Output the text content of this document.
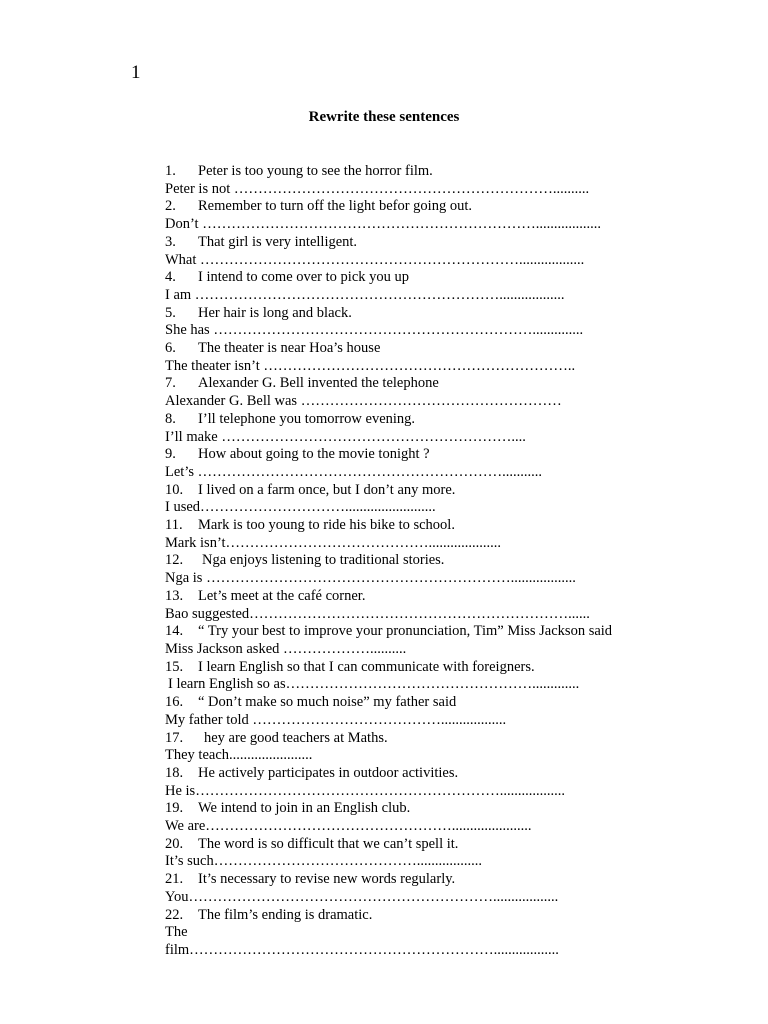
1
Rewrite these sentences
1.	Peter is too young to see the horror film.
Peter is not …………………………………………………………..........
2.	Remember to turn off the light befor going out.
Don’t ……………………………………………………………..................
3.	That girl is very intelligent.
What …………………………………………………………..................
4.	I intend to come over to pick you up
I am ………………………………………………………..................
5.	Her hair is long and black.
She has …………………………………………………………..............
6.	The theater is near Hoa’s house
The theater isn’t ………………………………………………………..
7.	Alexander G. Bell invented the telephone
Alexander G. Bell was ………………………………………………
8.	I’ll telephone you tomorrow evening.
I’ll make ……………………………………………………....
9.	How about going to the movie tonight ?
Let’s ………………………………………………………...........
10.	I lived on a farm once, but I don’t any more.
I used………………………….........................
11.	Mark is too young to ride his bike to school.
Mark isn’t……………………………………....................
12.	Nga enjoys listening to traditional stories.
Nga is ………………………………………………………..................
13.	Let’s meet at the café corner.
Bao suggested…………………………………………………………......
14.	“ Try your best to improve your pronunciation, Tim” Miss Jackson said
Miss Jackson asked ………………..........
15.	I learn English so that I can communicate with foreigners.
I learn English so as…………………………………………….............
16.	“ Don’t make so much noise” my father said
My father told …………………………………..................
17.	hey are good teachers at Maths.
They teach.......................
18.	He actively participates in outdoor activities.
He is………………………………………………………..................
19.	We intend to join in an English club.
We are……………………………………………......................
20.	The word is so difficult that we can’t spell it.
It’s such……………………………………..................
21.	It’s necessary to revise new words regularly.
You………………………………………………………..................
22.	The film’s ending is dramatic.
The
film………………………………………………………..................
